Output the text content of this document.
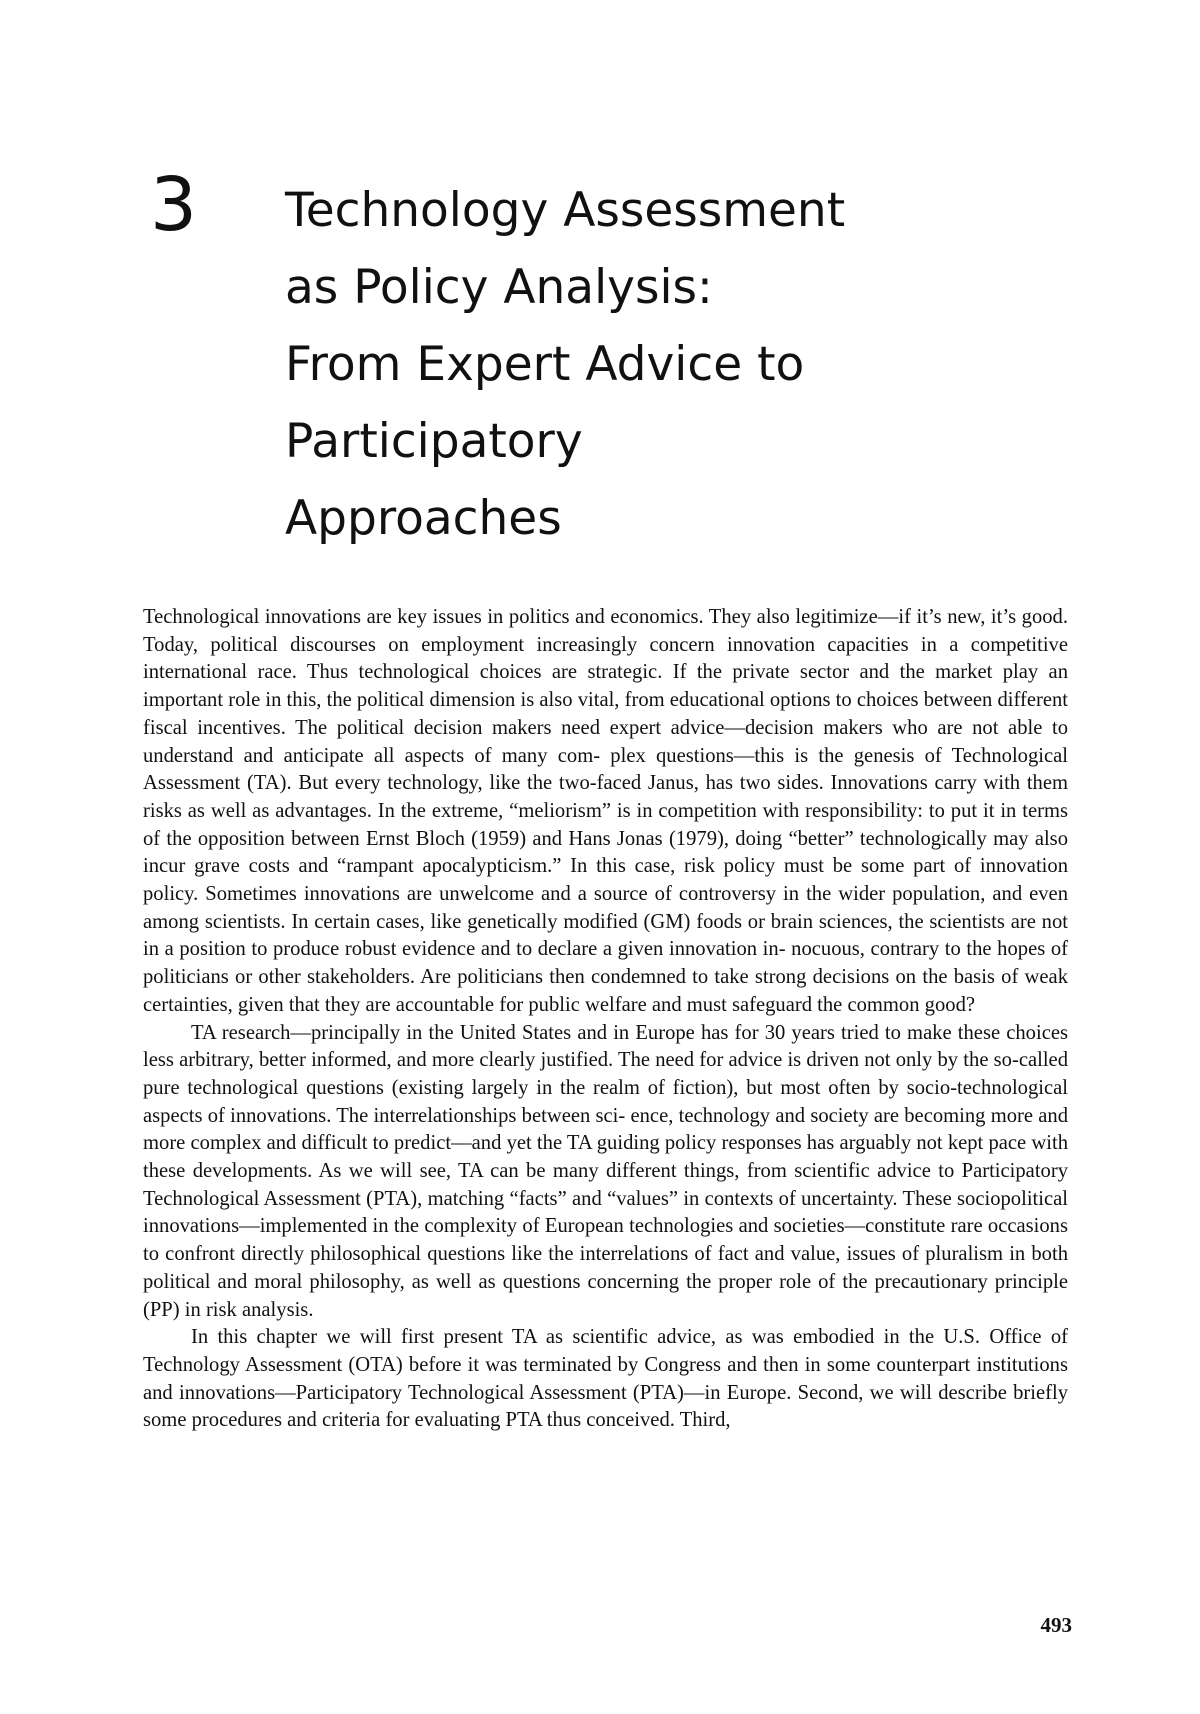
3 Technology Assessment
as Policy Analysis:
From Expert Advice to
Participatory
Approaches

Technological innovations are key issues in politics and economics. They also legitimize—if it’s new, it’s good. Today, political discourses on employment increasingly concern innovation capacities in a competitive international race. Thus technological choices are strategic. If the private sector and the market play an important role in this, the political dimension is also vital, from educational options to choices between different fiscal incentives. The political decision makers need expert advice—decision makers who are not able to understand and anticipate all aspects of many com- plex questions—this is the genesis of Technological Assessment (TA). But every technology, like the two-faced Janus, has two sides. Innovations carry with them risks as well as advantages. In the extreme, “meliorism” is in competition with responsibility: to put it in terms of the opposition between Ernst Bloch (1959) and Hans Jonas (1979), doing “better” technologically may also incur grave costs and “rampant apocalypticism.” In this case, risk policy must be some part of innovation policy. Sometimes innovations are unwelcome and a source of controversy in the wider population, and even among scientists. In certain cases, like genetically modified (GM) foods or brain sciences, the scientists are not in a position to produce robust evidence and to declare a given innovation in- nocuous, contrary to the hopes of politicians or other stakeholders. Are politicians then condemned to take strong decisions on the basis of weak certainties, given that they are accountable for public welfare and must safeguard the common good?

TA research—principally in the United States and in Europe has for 30 years tried to make these choices less arbitrary, better informed, and more clearly justified. The need for advice is driven not only by the so-called pure technological questions (existing largely in the realm of fiction), but most often by socio-technological aspects of innovations. The interrelationships between sci- ence, technology and society are becoming more and more complex and difficult to predict—and yet the TA guiding policy responses has arguably not kept pace with these developments. As we will see, TA can be many different things, from scientific advice to Participatory Technological Assessment (PTA), matching “facts” and “values” in contexts of uncertainty. These sociopolitical innovations—implemented in the complexity of European technologies and societies—constitute rare occasions to confront directly philosophical questions like the interrelations of fact and value, issues of pluralism in both political and moral philosophy, as well as questions concerning the proper role of the precautionary principle (PP) in risk analysis.

In this chapter we will first present TA as scientific advice, as was embodied in the U.S. Office of Technology Assessment (OTA) before it was terminated by Congress and then in some counterpart institutions and innovations—Participatory Technological Assessment (PTA)—in Europe. Second, we will describe briefly some procedures and criteria for evaluating PTA thus conceived. Third,

493
